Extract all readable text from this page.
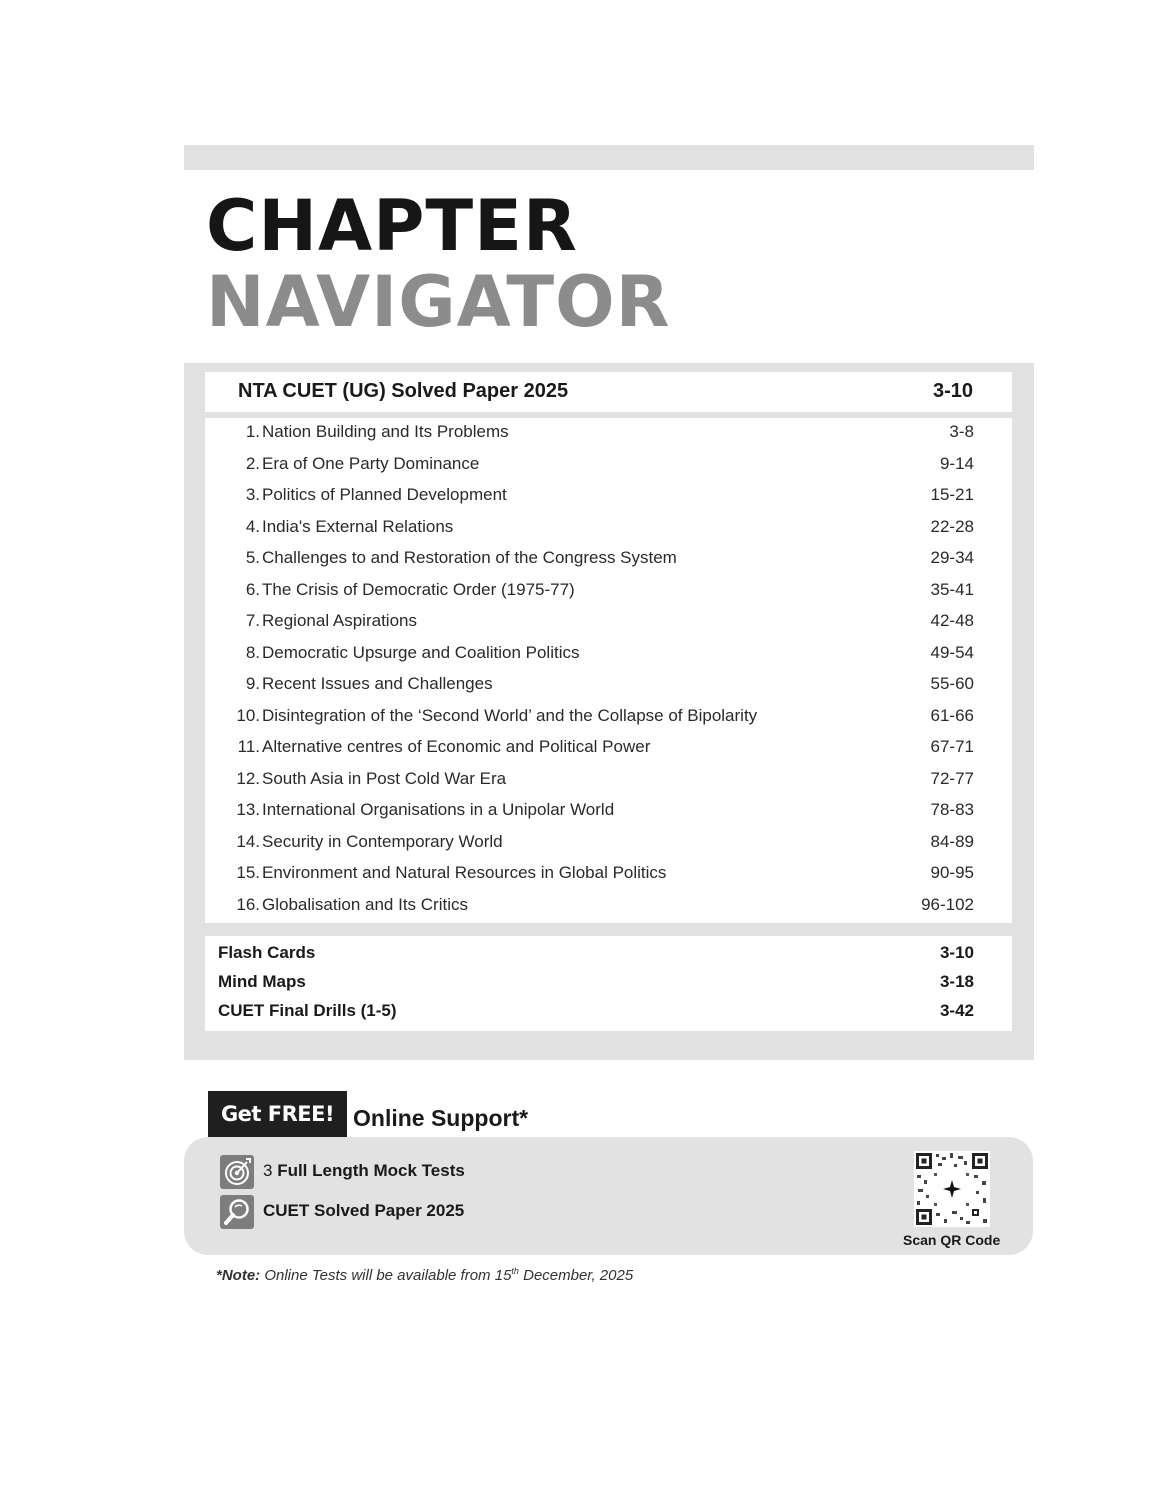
CHAPTER
NAVIGATOR
NTA CUET (UG) Solved Paper 2025	3-10
1. Nation Building and Its Problems	3-8
2. Era of One Party Dominance	9-14
3. Politics of Planned Development	15-21
4. India's External Relations	22-28
5. Challenges to and Restoration of the Congress System	29-34
6. The Crisis of Democratic Order (1975-77)	35-41
7. Regional Aspirations	42-48
8. Democratic Upsurge and Coalition Politics	49-54
9. Recent Issues and Challenges	55-60
10. Disintegration of the ‘Second World’ and the Collapse of Bipolarity	61-66
11. Alternative centres of Economic and Political Power	67-71
12. South Asia in Post Cold War Era	72-77
13. International Organisations in a Unipolar World	78-83
14. Security in Contemporary World	84-89
15. Environment and Natural Resources in Global Politics	90-95
16. Globalisation and Its Critics	96-102
Flash Cards	3-10
Mind Maps	3-18
CUET Final Drills (1-5)	3-42
Get FREE! Online Support*
3 Full Length Mock Tests
CUET Solved Paper 2025
Scan QR Code
*Note: Online Tests will be available from 15th December, 2025
